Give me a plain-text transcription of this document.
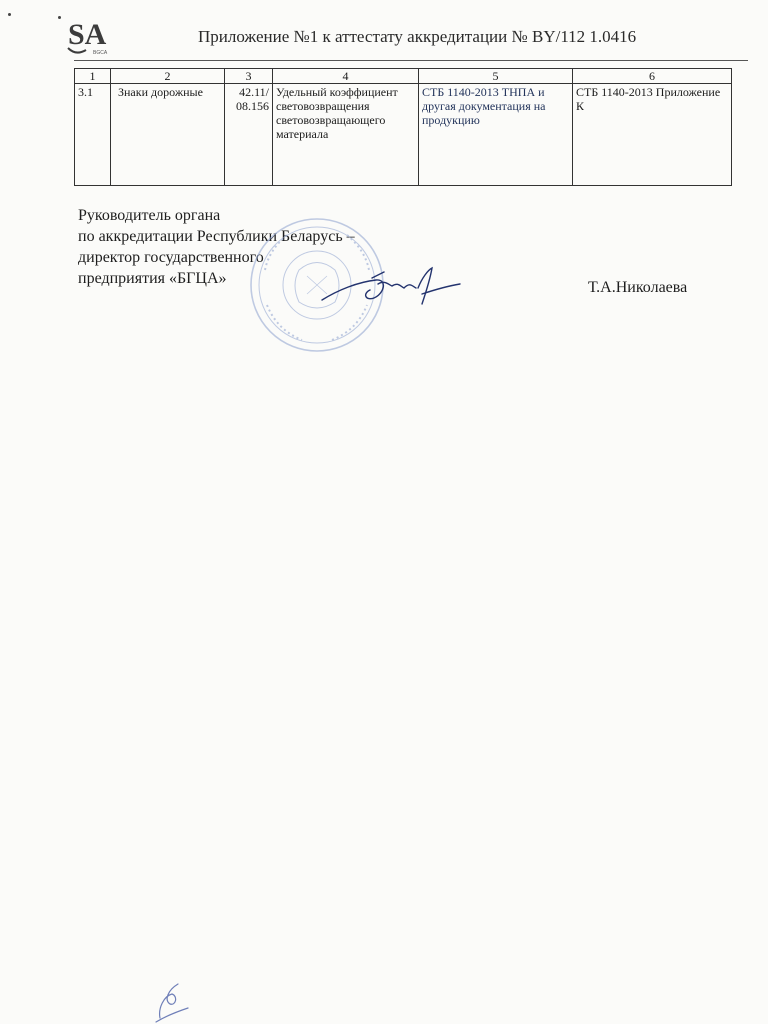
SA
BGCA
Приложение №1 к аттестату аккредитации № BY/112 1.0416
1	2	3	4	5	6
3.1	Знаки дорожные	42.11/ 08.156	Удельный коэффициент световозвращения световозвращающего материала	СТБ 1140-2013 ТНПА и другая документация на продукцию	СТБ 1140-2013 Приложение К
Руководитель органа
по аккредитации Республики Беларусь –
директор государственного
предприятия «БГЦА»
Т.А.Николаева
